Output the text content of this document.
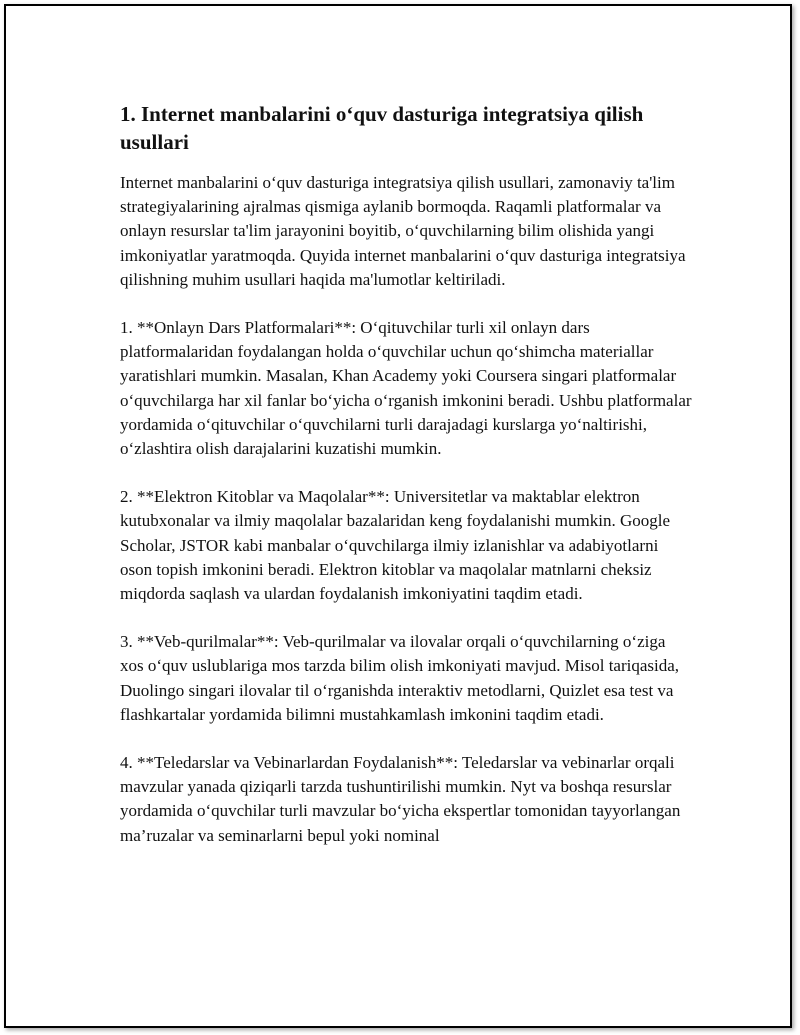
1. Internet manbalarini o‘quv dasturiga integratsiya qilish usullari

Internet manbalarini o‘quv dasturiga integratsiya qilish usullari, zamonaviy ta'lim strategiyalarining ajralmas qismiga aylanib bormoqda. Raqamli platformalar va onlayn resurslar ta'lim jarayonini boyitib, o‘quvchilarning bilim olishida yangi imkoniyatlar yaratmoqda. Quyida internet manbalarini o‘quv dasturiga integratsiya qilishning muhim usullari haqida ma'lumotlar keltiriladi.

1. **Onlayn Dars Platformalari**: O‘qituvchilar turli xil onlayn dars platformalaridan foydalangan holda o‘quvchilar uchun qo‘shimcha materiallar yaratishlari mumkin. Masalan, Khan Academy yoki Coursera singari platformalar o‘quvchilarga har xil fanlar bo‘yicha o‘rganish imkonini beradi. Ushbu platformalar yordamida o‘qituvchilar o‘quvchilarni turli darajadagi kurslarga yo‘naltirishi, o‘zlashtira olish darajalarini kuzatishi mumkin.

2. **Elektron Kitoblar va Maqolalar**: Universitetlar va maktablar elektron kutubxonalar va ilmiy maqolalar bazalaridan keng foydalanishi mumkin. Google Scholar, JSTOR kabi manbalar o‘quvchilarga ilmiy izlanishlar va adabiyotlarni oson topish imkonini beradi. Elektron kitoblar va maqolalar matnlarni cheksiz miqdorda saqlash va ulardan foydalanish imkoniyatini taqdim etadi.

3. **Veb-qurilmalar**: Veb-qurilmalar va ilovalar orqali o‘quvchilarning o‘ziga xos o‘quv uslublariga mos tarzda bilim olish imkoniyati mavjud. Misol tariqasida, Duolingo singari ilovalar til o‘rganishda interaktiv metodlarni, Quizlet esa test va flashkartalar yordamida bilimni mustahkamlash imkonini taqdim etadi.

4. **Teledarslar va Vebinarlardan Foydalanish**: Teledarslar va vebinarlar orqali mavzular yanada qiziqarli tarzda tushuntirilishi mumkin. Nyt va boshqa resurslar yordamida o‘quvchilar turli mavzular bo‘yicha ekspertlar tomonidan tayyorlangan ma’ruzalar va seminarlarni bepul yoki nominal
